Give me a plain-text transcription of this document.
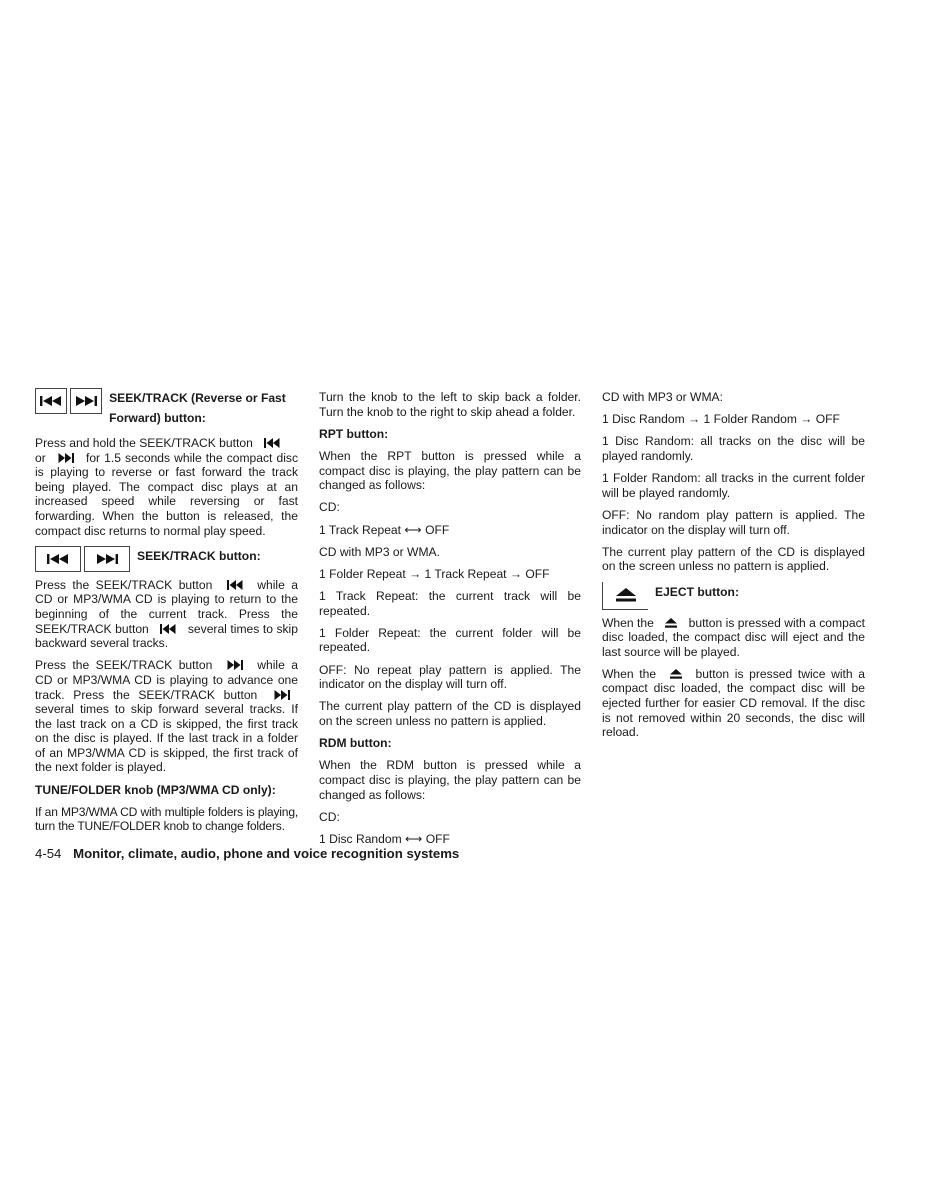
SEEK/TRACK (Reverse or Fast Forward) button:

Press and hold the SEEK/TRACK button
or	for 1.5 seconds while the compact disc is playing to reverse or fast forward the track being played. The compact disc plays at an increased speed while reversing or fast forwarding. When the button is released, the compact disc returns to normal play speed.

SEEK/TRACK button:

Press the SEEK/TRACK button	while a CD or MP3/WMA CD is playing to return to the beginning of the current track. Press the SEEK/TRACK button	several times to skip backward several tracks.

Press the SEEK/TRACK button	while a CD or MP3/WMA CD is playing to advance one track. Press the SEEK/TRACK button  several times to skip forward several tracks. If the last track on a CD is skipped, the first track on the disc is played. If the last track in a folder of an MP3/WMA CD is skipped, the first track of the next folder is played.

TUNE/FOLDER knob (MP3/WMA CD only):

If an MP3/WMA CD with multiple folders is playing, turn the TUNE/FOLDER knob to change folders.

Turn the knob to the left to skip back a folder. Turn the knob to the right to skip ahead a folder.

RPT button:

When the RPT button is pressed while a compact disc is playing, the play pattern can be changed as follows:

CD:

1 Track Repeat ⟷ OFF

CD with MP3 or WMA.

1 Folder Repeat → 1 Track Repeat → OFF

1 Track Repeat: the current track will be repeated.

1 Folder Repeat: the current folder will be repeated.

OFF: No repeat play pattern is applied. The indicator on the display will turn off.

The current play pattern of the CD is displayed on the screen unless no pattern is applied.

RDM button:

When the RDM button is pressed while a compact disc is playing, the play pattern can be changed as follows:

CD:

1 Disc Random ⟷ OFF

CD with MP3 or WMA:

1 Disc Random → 1 Folder Random → OFF

1 Disc Random: all tracks on the disc will be played randomly.

1 Folder Random: all tracks in the current folder will be played randomly.

OFF: No random play pattern is applied. The indicator on the display will turn off.

The current play pattern of the CD is displayed on the screen unless no pattern is applied.

EJECT button:

When the	button is pressed with a compact disc loaded, the compact disc will eject and the last source will be played.

When the	button is pressed twice with a compact disc loaded, the compact disc will be ejected further for easier CD removal. If the disc is not removed within 20 seconds, the disc will reload.

4-54 Monitor, climate, audio, phone and voice recognition systems
